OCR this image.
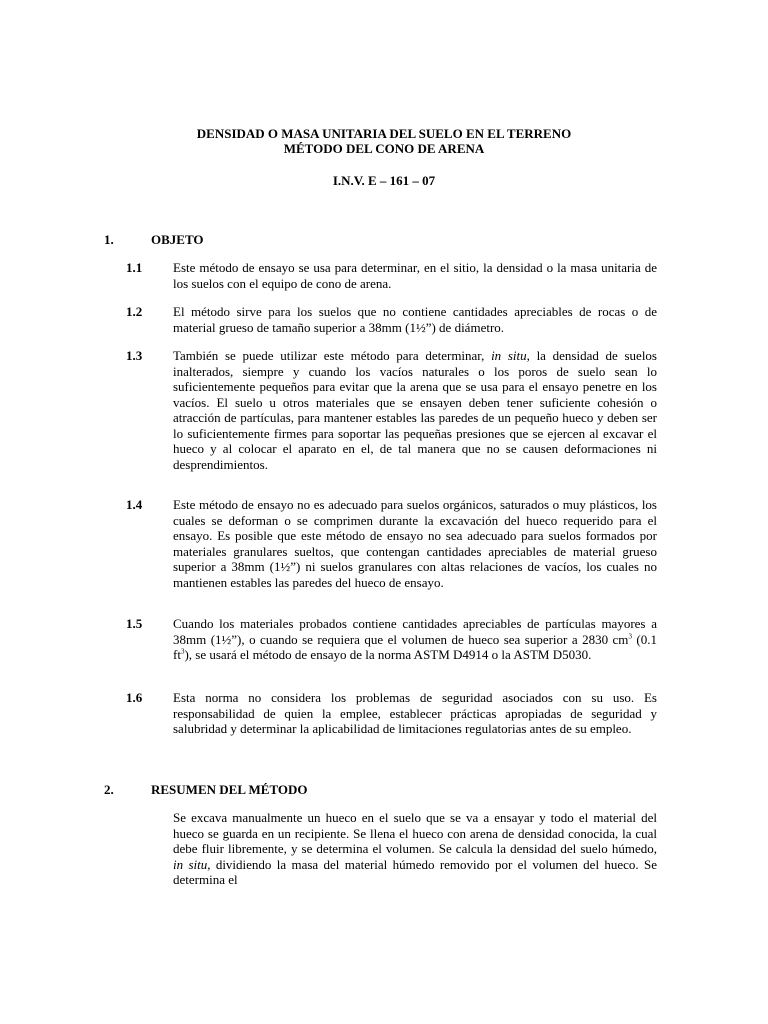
DENSIDAD O MASA UNITARIA DEL SUELO EN EL TERRENO
MÉTODO DEL CONO DE ARENA
I.N.V. E – 161 – 07
1.	OBJETO
1.1 Este método de ensayo se usa para determinar, en el sitio, la densidad o la masa unitaria de los suelos con el equipo de cono de arena.
1.2 El método sirve para los suelos que no contiene cantidades apreciables de rocas o de material grueso de tamaño superior a 38mm (1½”) de diámetro.
1.3 También se puede utilizar este método para determinar, in situ, la densidad de suelos inalterados, siempre y cuando los vacíos naturales o los poros de suelo sean lo suficientemente pequeños para evitar que la arena que se usa para el ensayo penetre en los vacíos. El suelo u otros materiales que se ensayen deben tener suficiente cohesión o atracción de partículas, para mantener estables las paredes de un pequeño hueco y deben ser lo suficientemente firmes para soportar las pequeñas presiones que se ejercen al excavar el hueco y al colocar el aparato en el, de tal manera que no se causen deformaciones ni desprendimientos.
1.4 Este método de ensayo no es adecuado para suelos orgánicos, saturados o muy plásticos, los cuales se deforman o se comprimen durante la excavación del hueco requerido para el ensayo. Es posible que este método de ensayo no sea adecuado para suelos formados por materiales granulares sueltos, que contengan cantidades apreciables de material grueso superior a 38mm (1½”) ni suelos granulares con altas relaciones de vacíos, los cuales no mantienen estables las paredes del hueco de ensayo.
1.5 Cuando los materiales probados contiene cantidades apreciables de partículas mayores a 38mm (1½”), o cuando se requiera que el volumen de hueco sea superior a 2830 $cm^3$ (0.1 $ft^3$), se usará el método de ensayo de la norma ASTM D4914 o la ASTM D5030.
1.6 Esta norma no considera los problemas de seguridad asociados con su uso. Es responsabilidad de quien la emplee, establecer prácticas apropiadas de seguridad y salubridad y determinar la aplicabilidad de limitaciones regulatorias antes de su empleo.
2.	RESUMEN DEL MÉTODO
Se excava manualmente un hueco en el suelo que se va a ensayar y todo el material del hueco se guarda en un recipiente. Se llena el hueco con arena de densidad conocida, la cual debe fluir libremente, y se determina el volumen. Se calcula la densidad del suelo húmedo, in situ, dividiendo la masa del material húmedo removido por el volumen del hueco. Se determina el
